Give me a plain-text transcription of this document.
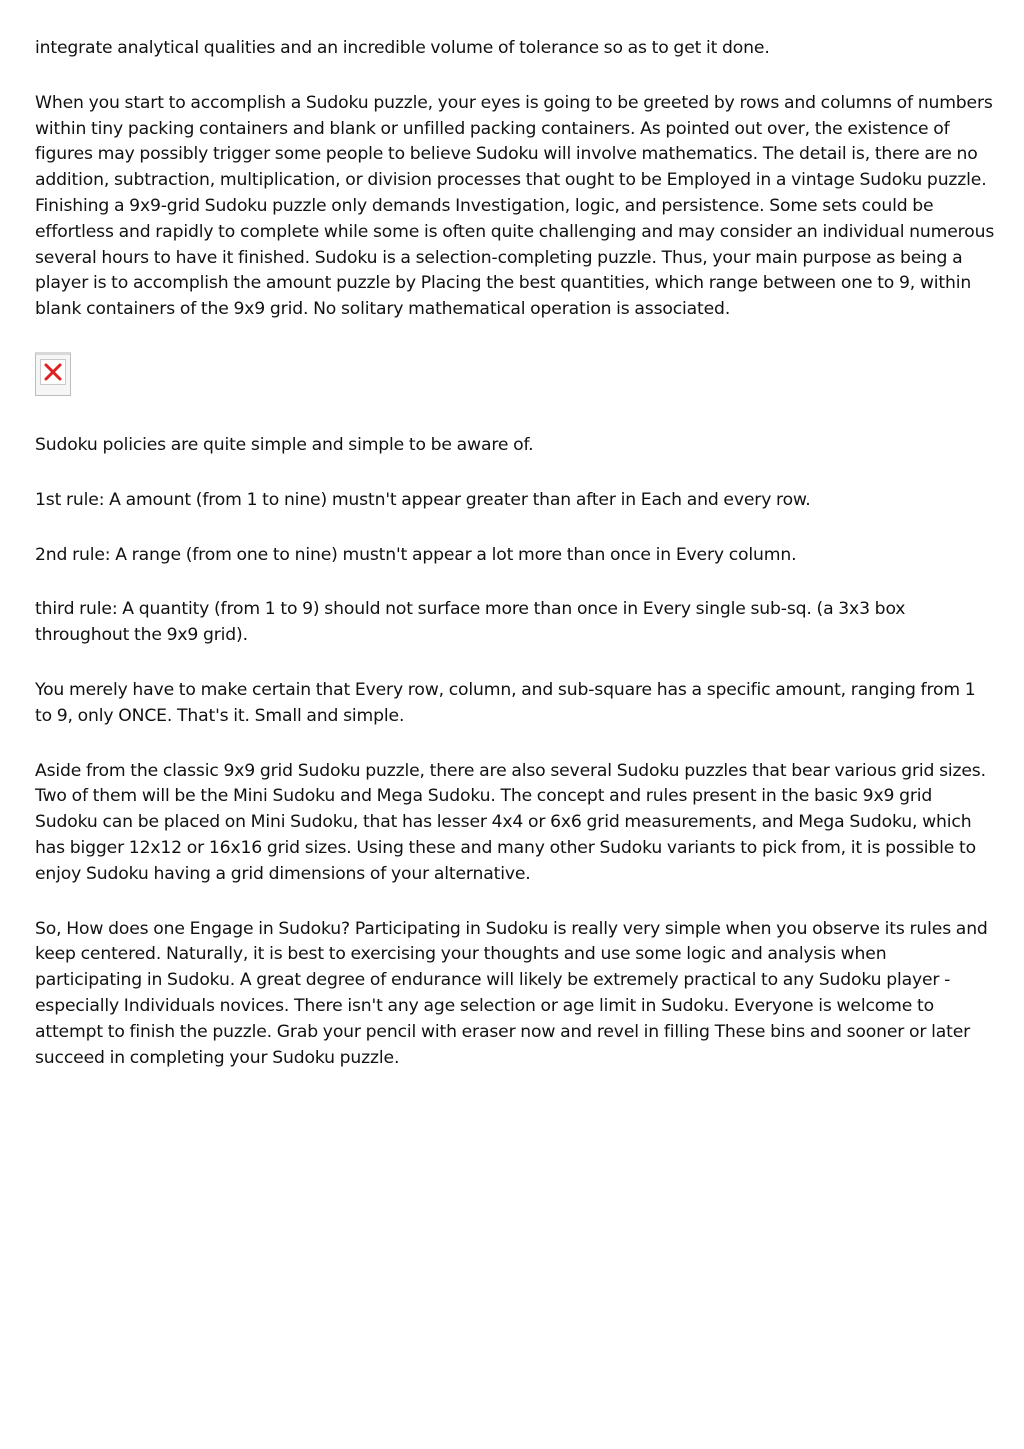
integrate analytical qualities and an incredible volume of tolerance so as to get it done.

When you start to accomplish a Sudoku puzzle, your eyes is going to be greeted by rows and columns of numbers within tiny packing containers and blank or unfilled packing containers. As pointed out over, the existence of figures may possibly trigger some people to believe Sudoku will involve mathematics. The detail is, there are no addition, subtraction, multiplication, or division processes that ought to be Employed in a vintage Sudoku puzzle. Finishing a 9x9-grid Sudoku puzzle only demands Investigation, logic, and persistence. Some sets could be effortless and rapidly to complete while some is often quite challenging and may consider an individual numerous several hours to have it finished. Sudoku is a selection-completing puzzle. Thus, your main purpose as being a player is to accomplish the amount puzzle by Placing the best quantities, which range between one to 9, within blank containers of the 9x9 grid. No solitary mathematical operation is associated.

Sudoku policies are quite simple and simple to be aware of.

1st rule: A amount (from 1 to nine) mustn't appear greater than after in Each and every row.

2nd rule: A range (from one to nine) mustn't appear a lot more than once in Every column.

third rule: A quantity (from 1 to 9) should not surface more than once in Every single sub-sq. (a 3x3 box throughout the 9x9 grid).

You merely have to make certain that Every row, column, and sub-square has a specific amount, ranging from 1 to 9, only ONCE. That's it. Small and simple.

Aside from the classic 9x9 grid Sudoku puzzle, there are also several Sudoku puzzles that bear various grid sizes. Two of them will be the Mini Sudoku and Mega Sudoku. The concept and rules present in the basic 9x9 grid Sudoku can be placed on Mini Sudoku, that has lesser 4x4 or 6x6 grid measurements, and Mega Sudoku, which has bigger 12x12 or 16x16 grid sizes. Using these and many other Sudoku variants to pick from, it is possible to enjoy Sudoku having a grid dimensions of your alternative.

So, How does one Engage in Sudoku? Participating in Sudoku is really very simple when you observe its rules and keep centered. Naturally, it is best to exercising your thoughts and use some logic and analysis when participating in Sudoku. A great degree of endurance will likely be extremely practical to any Sudoku player - especially Individuals novices. There isn't any age selection or age limit in Sudoku. Everyone is welcome to attempt to finish the puzzle. Grab your pencil with eraser now and revel in filling These bins and sooner or later succeed in completing your Sudoku puzzle.
